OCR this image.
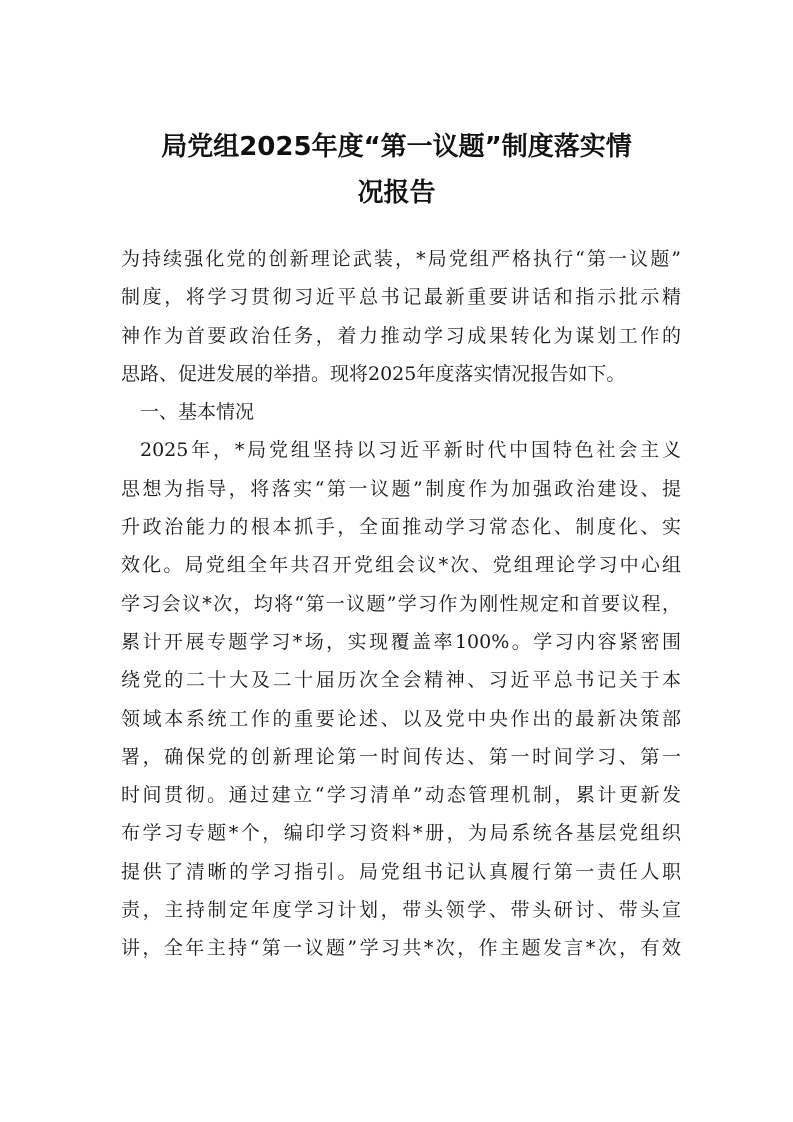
局党组2025年度“第一议题”制度落实情
况报告
为持续强化党的创新理论武装，*局党组严格执行“第一议题”
制度，将学习贯彻习近平总书记最新重要讲话和指示批示精
神作为首要政治任务，着力推动学习成果转化为谋划工作的
思路、促进发展的举措。现将2025年度落实情况报告如下。
一、基本情况
2025年，*局党组坚持以习近平新时代中国特色社会主义
思想为指导，将落实“第一议题”制度作为加强政治建设、提
升政治能力的根本抓手，全面推动学习常态化、制度化、实
效化。局党组全年共召开党组会议*次、党组理论学习中心组
学习会议*次，均将“第一议题”学习作为刚性规定和首要议程，
累计开展专题学习*场，实现覆盖率100%。学习内容紧密围
绕党的二十大及二十届历次全会精神、习近平总书记关于本
领域本系统工作的重要论述、以及党中央作出的最新决策部
署，确保党的创新理论第一时间传达、第一时间学习、第一
时间贯彻。通过建立“学习清单”动态管理机制，累计更新发
布学习专题*个，编印学习资料*册，为局系统各基层党组织
提供了清晰的学习指引。局党组书记认真履行第一责任人职
责，主持制定年度学习计划，带头领学、带头研讨、带头宣
讲，全年主持“第一议题”学习共*次，作主题发言*次，有效
